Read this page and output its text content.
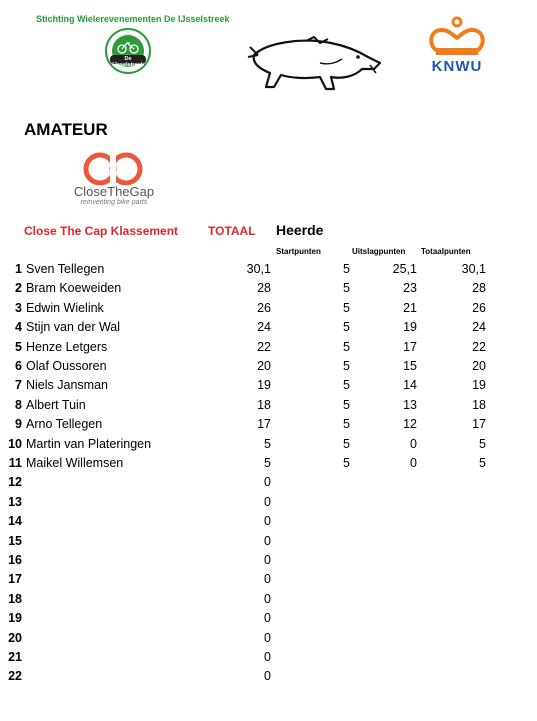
Stichting Wielerevenementen De IJsselstreek
De IJsselstreek	KNWU
AMATEUR
CloseTheGap
reinventing bike parts
Close The Cap Klassement TOTAAL Heerde
Startpunten	Uitslagpunten Totaalpunten
1 Sven Tellegen	30,1	5	25,1	30,1
2 Bram Koeweiden	28	5	23	28
3 Edwin Wielink	26	5	21	26
4 Stijn van der Wal	24	5	19	24
5 Henze Letgers	22	5	17	22
6 Olaf Oussoren	20	5	15	20
7 Niels Jansman	19	5	14	19
8 Albert Tuin	18	5	13	18
9 Arno Tellegen	17	5	12	17
10 Martin van Plateringen	5	5	0	5
11 Maikel Willemsen	5	5	0	5
12	0
13	0
14	0
15	0
16	0
17	0
18	0
19	0
20	0
21	0
22	0
